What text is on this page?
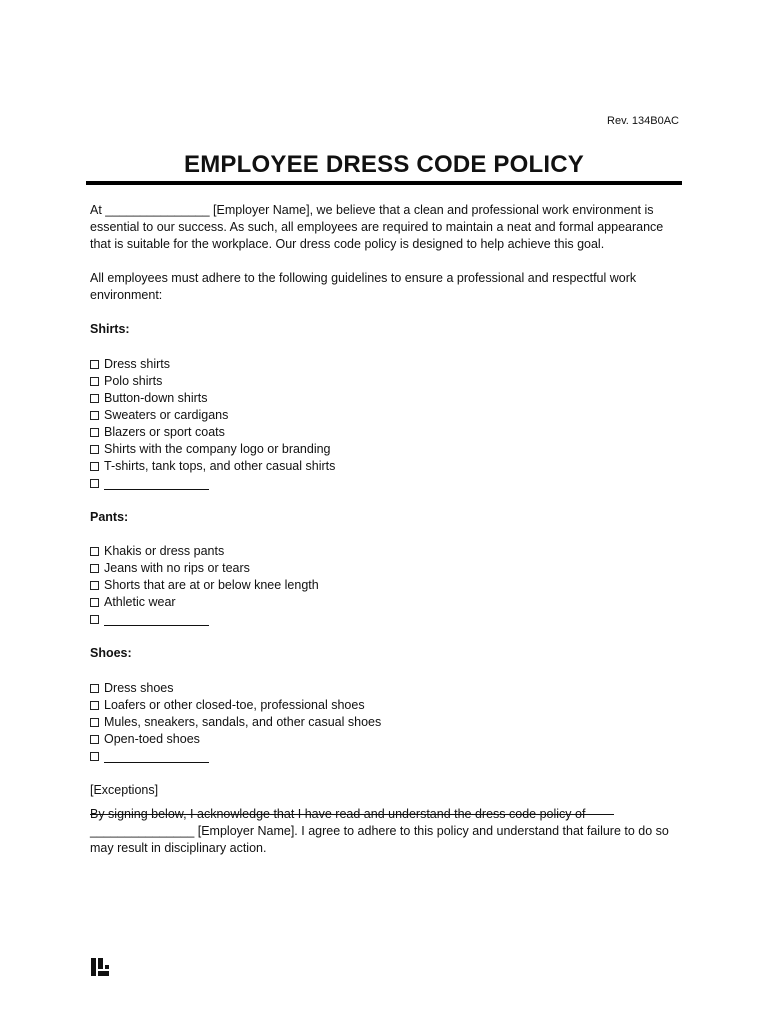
Rev. 134B0AC
EMPLOYEE DRESS CODE POLICY
At _______________ [Employer Name], we believe that a clean and professional work environment is essential to our success. As such, all employees are required to maintain a neat and formal appearance that is suitable for the workplace. Our dress code policy is designed to help achieve this goal.
All employees must adhere to the following guidelines to ensure a professional and respectful work environment:
Shirts:
Dress shirts
Polo shirts
Button-down shirts
Sweaters or cardigans
Blazers or sport coats
Shirts with the company logo or branding
T-shirts, tank tops, and other casual shirts
Pants:
Khakis or dress pants
Jeans with no rips or tears
Shorts that are at or below knee length
Athletic wear
Shoes:
Dress shoes
Loafers or other closed-toe, professional shoes
Mules, sneakers, sandals, and other casual shoes
Open-toed shoes
[Exceptions]
By signing below, I acknowledge that I have read and understand the dress code policy of _______________ [Employer Name]. I agree to adhere to this policy and understand that failure to do so may result in disciplinary action.
